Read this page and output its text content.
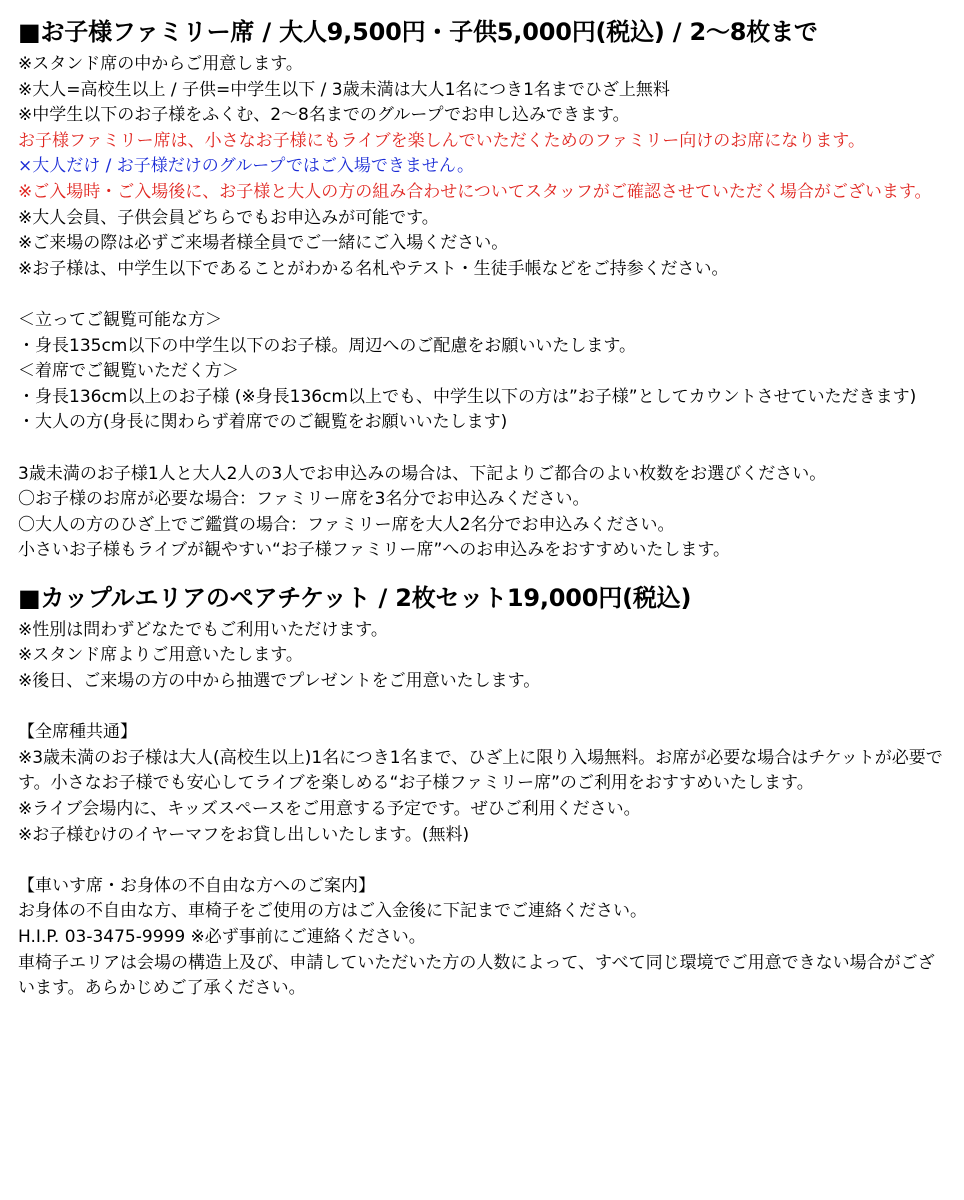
■お子様ファミリー席 / 大人9,500円・子供5,000円(税込) / 2〜8枚まで

※スタンド席の中からご用意します。

※大人=高校生以上 / 子供=中学生以下 / 3歳未満は大人1名につき1名までひざ上無料

※中学生以下のお子様をふくむ、2〜8名までのグループでお申し込みできます。

お子様ファミリー席は、小さなお子様にもライブを楽しんでいただくためのファミリー向けのお席になります。

×大人だけ / お子様だけのグループではご入場できません。

※ご入場時・ご入場後に、お子様と大人の方の組み合わせについてスタッフがご確認させていただく場合がございます。

※大人会員、子供会員どちらでもお申込みが可能です。

※ご来場の際は必ずご来場者様全員でご一緒にご入場ください。

※お子様は、中学生以下であることがわかる名札やテスト・生徒手帳などをご持参ください。

＜立ってご観覧可能な方＞

・身長135cm以下の中学生以下のお子様。周辺へのご配慮をお願いいたします。

＜着席でご観覧いただく方＞

・身長136cm以上のお子様 (※身長136cm以上でも、中学生以下の方は”お子様”としてカウントさせていただきます)

・大人の方(身長に関わらず着席でのご観覧をお願いいたします)

3歳未満のお子様1人と大人2人の3人でお申込みの場合は、下記よりご都合のよい枚数をお選びください。

〇お子様のお席が必要な場合：ファミリー席を3名分でお申込みください。

〇大人の方のひざ上でご鑑賞の場合：ファミリー席を大人2名分でお申込みください。

小さいお子様もライブが観やすい“お子様ファミリー席”へのお申込みをおすすめいたします。

■カップルエリアのペアチケット / 2枚セット19,000円(税込)

※性別は問わずどなたでもご利用いただけます。

※スタンド席よりご用意いたします。

※後日、ご来場の方の中から抽選でプレゼントをご用意いたします。

【全席種共通】

※3歳未満のお子様は大人(高校生以上)1名につき1名まで、ひざ上に限り入場無料。お席が必要な場合はチケットが必要です。小さなお子様でも安心してライブを楽しめる“お子様ファミリー席”のご利用をおすすめいたします。

※ライブ会場内に、キッズスペースをご用意する予定です。ぜひご利用ください。

※お子様むけのイヤーマフをお貸し出しいたします。(無料)

【車いす席・お身体の不自由な方へのご案内】

お身体の不自由な方、車椅子をご使用の方はご入金後に下記までご連絡ください。

H.I.P. 03-3475-9999 ※必ず事前にご連絡ください。

車椅子エリアは会場の構造上及び、申請していただいた方の人数によって、すべて同じ環境でご用意できない場合がございます。あらかじめご了承ください。
